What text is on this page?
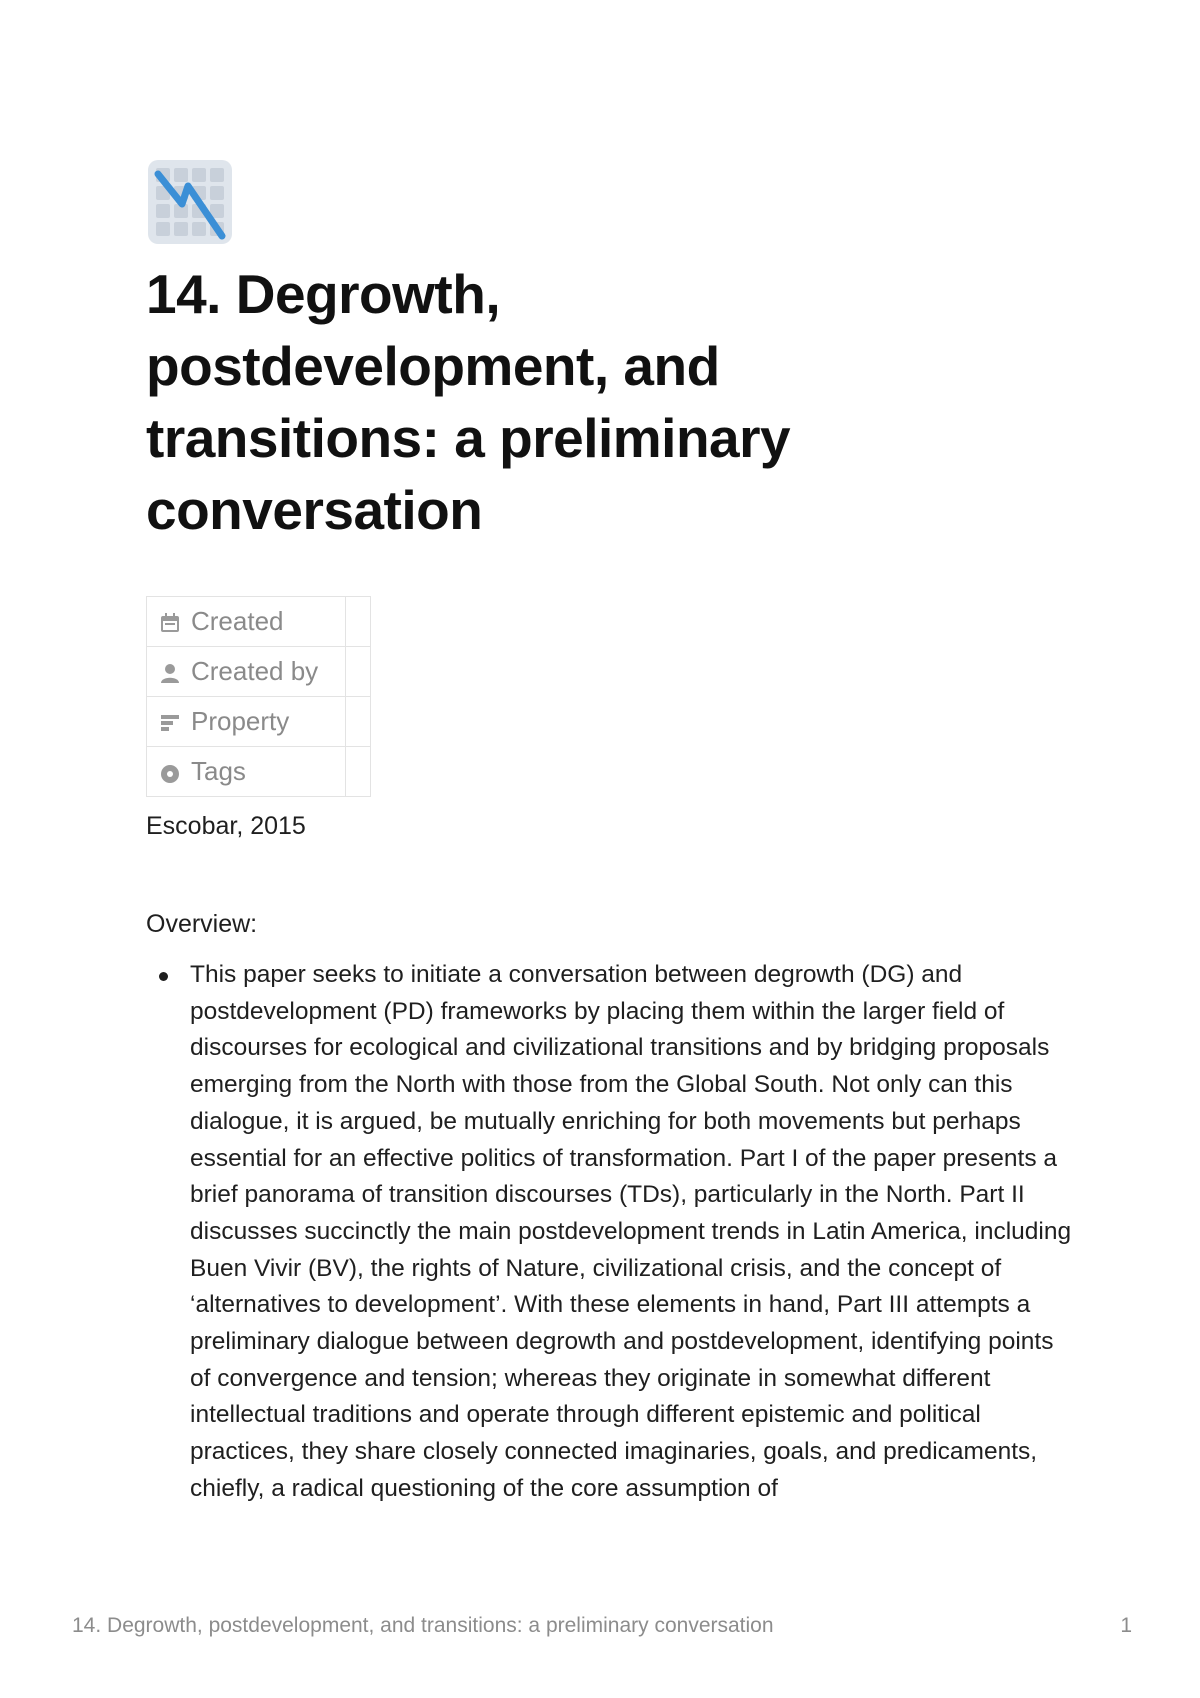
14. Degrowth, postdevelopment, and transitions: a preliminary conversation
Created	
Created by	
Property	
Tags	

Escobar, 2015

Overview:

This paper seeks to initiate a conversation between degrowth (DG) and postdevelopment (PD) frameworks by placing them within the larger field of discourses for ecological and civilizational transitions and by bridging proposals emerging from the North with those from the Global South. Not only can this dialogue, it is argued, be mutually enriching for both movements but perhaps essential for an effective politics of transformation. Part I of the paper presents a brief panorama of transition discourses (TDs), particularly in the North. Part II discusses succinctly the main postdevelopment trends in Latin America, including Buen Vivir (BV), the rights of Nature, civilizational crisis, and the concept of ‘alternatives to development’. With these elements in hand, Part III attempts a preliminary dialogue between degrowth and postdevelopment, identifying points of convergence and tension; whereas they originate in somewhat different intellectual traditions and operate through different epistemic and political practices, they share closely connected imaginaries, goals, and predicaments, chiefly, a radical questioning of the core assumption of

14. Degrowth, postdevelopment, and transitions: a preliminary conversation	1
